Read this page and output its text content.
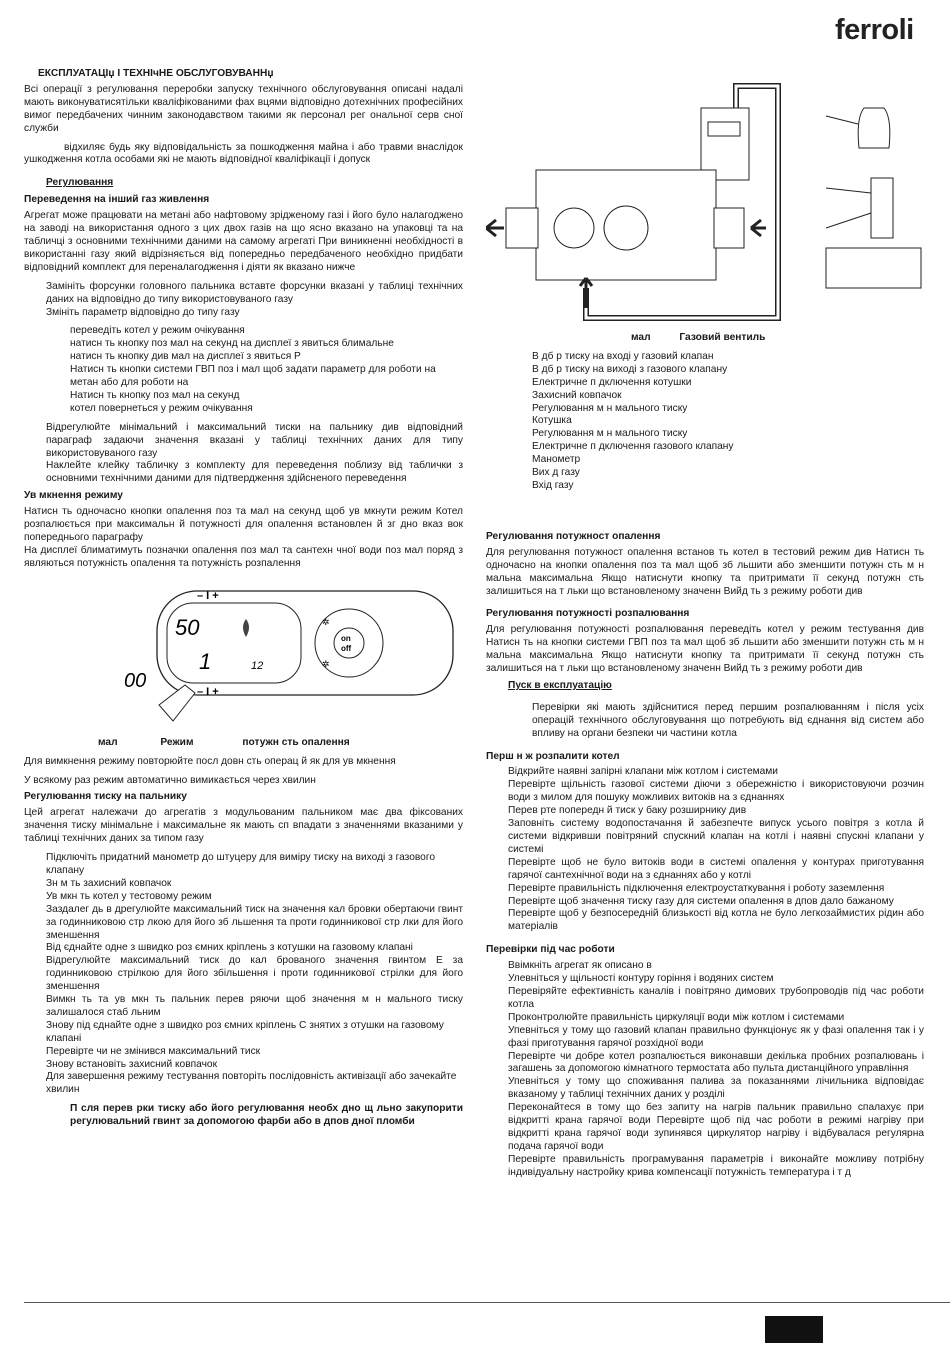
ferroli

ЕКСПЛУАТАЦІџ І ТЕХНІчНЕ ОБСЛУГОВУВАННџ

Всі операції з регулювання переробки запуску технічного обслуговування описані надалі мають виконуватисятільки кваліфікованими фах вцями відповідно дотехнічних професійних вимог передбачених чинним законодавством такими як персонал рег ональної серв сної служби

відхиляє будь яку відповідальність за пошкодження майна і або травми внаслідок ушкодження котла особами які не мають відповідної кваліфікації і допуск

Регулювання

Переведення на інший газ живлення

Агрегат може працювати на метані або нафтовому зрідженому газі і його було налагоджено на заводі на використання одного з цих двох газів на що ясно вказано на упаковці та на табличці з основними технічними даними на самому агрегаті При виникненні необхідності в використанні газу який відрізняється від попередньо передбаченого необхідно придбати відповідний комплект для переналагодження і діяти як вказано нижче

Замініть форсунки головного пальника вставте форсунки вказані у таблиці технічних даних на відповідно до типу використовуваного газу

Змініть параметр відповідно до типу газу

переведіть котел у режим очікування

натисн ть кнопку поз мал на секунд на дисплеї з явиться блимальне

натисн ть кнопку див мал на дисплеї з явиться Р

Натисн ть кнопки системи ГВП поз і мал щоб задати параметр для роботи на метан або для роботи на

Натисн ть кнопку поз мал на секунд

котел повернеться у режим очікування

Відрегулюйте мінімальний і максимальний тиски на пальнику див відповідний параграф задаючи значення вказані у таблиці технічних даних для типу використовуваного газу

Наклейте клейку табличку з комплекту для переведення поблизу від таблички з основними технічними даними для підтвердження здійсненого переведення

Ув мкнення режиму

Натисн ть одночасно кнопки опалення поз та мал на секунд щоб ув мкнути режим Котел розпалюється при максимальн й потужності для опалення встановлен й зг дно вказ вок попереднього параграфу

На дисплеї блиматимуть позначки опалення поз мал та сантехн чної води поз мал поряд з являються потужність опалення та потужність розпалення

– I +
– I +
50
1	12
on
off
✲
✲
00

мал	Режим	потужн сть опалення

Для вимкнення режиму повторюйте посл довн сть операц й як для ув мкнення

У всякому раз режим автоматично вимикається через хвилин

Регулювання тиску на пальнику

Цей агрегат належачи до агрегатів з модульованим пальником має два фіксованих значення тиску мінімальне і максимальне як мають сп впадати з значеннями вказаними у таблиці технічних даних за типом газу

Підключіть придатний манометр до штуцеру для виміру тиску на виході з газового клапану

Зн м ть захисний ковпачок

Ув мкн ть котел у тестовому режим

Заздалег дь в дрегулюйте максимальний тиск на значення кал бровки обертаючи гвинт за годинниковою стр лкою для його зб льшення та проти годинникової стр лки для його зменшення

Від єднайте одне з швидко роз ємних кріплень з котушки на газовому клапані

Відрегулюйте максимальний тиск до кал брованого значення гвинтом Е за годинниковою стрілкою для його збільшення і проти годинникової стрілки для його зменшення

Вимкн ть та ув мкн ть пальник перев ряючи щоб значення м н мального тиску залишалося стаб льним

Знову під єднайте одне з швидко роз ємних кріплень С знятих з отушки на газовому клапані

Перевірте чи не змінився максимальний тиск

Знову встановіть захисний ковпачок

Для завершення режиму тестування повторіть послідовність активізації або зачекайте хвилин

П сля перев рки тиску або його регулювання необх дно щ льно закупорити регулювальний гвинт за допомогою фарби або в дпов дної пломби

мал	Газовий вентиль

В дб р тиску на вході у газовий клапан

В дб р тиску на виході з газового клапану

Електричне п дключення котушки

Захисний ковпачок

Регулювання м н мального тиску

Котушка

Регулювання м н мального тиску

Електричне п дключення газового клапану

Манометр

Вих д газу

Вхід газу

Регулювання потужност опалення

Для регулювання потужност опалення встанов ть котел в тестовий режим див Натисн ть одночасно на кнопки опалення поз та мал щоб зб льшити або зменшити потужн сть м н мальна максимальна Якщо натиснути кнопку та притримати її секунд потужн сть залишиться на т льки що встановленому значенн Вийд ть з режиму роботи див

Регулювання потужності розпалювання

Для регулювання потужності розпалювання переведіть котел у режим тестування див Натисн ть на кнопки системи ГВП поз та мал щоб зб льшити або зменшити потужн сть м н мальна максимальна Якщо натиснути кнопку та притримати її секунд потужн сть залишиться на т льки що встановленому значенн Вийд ть з режиму роботи див

Пуск в експлуатацію

Перевірки які мають здійснитися перед першим розпалюванням і після усіх операцій технічного обслуговування що потребують від єднання від систем або впливу на органи безпеки чи частини котла

Перш н ж розпалити котел

Відкрийте наявні запірні клапани між котлом і системами

Перевірте щільність газової системи діючи з обережністю і використовуючи розчин води з милом для пошуку можливих витоків на з єднаннях

Перев рте попередн й тиск у баку розширнику див

Заповніть систему водопостачання й забезпечте випуск усього повітря з котла й системи відкривши повітряний спускний клапан на котлі і наявні спускні клапани у системі

Перевірте щоб не було витоків води в системі опалення у контурах приготування гарячої сантехнічної води на з єднаннях або у котлі

Перевірте правильність підключення електроустаткування і роботу заземлення

Перевірте щоб значення тиску газу для системи опалення в дпов дало бажаному

Перевірте щоб у безпосередній близькості від котла не було легкозаймистих рідин або матеріалів

Перевірки під час роботи

Ввімкніть агрегат як описано в

Улевніться у щільності контуру горіння і водяних систем

Перевіряйте ефективність каналів і повітряно димових трубопроводів під час роботи котла

Проконтролюйте правильність циркуляції води між котлом і системами

Упевніться у тому що газовий клапан правильно функціонує як у фазі опалення так і у фазі приготування гарячої розхідної води

Перевірте чи добре котел розпалюється виконавши декілька пробних розпалювань і загашень за допомогою кімнатного термостата або пульта дистанційного управління

Упевніться у тому що споживання палива за показаннями лічильника відповідає вказаному у таблиці технічних даних у розділі

Переконайтеся в тому що без запиту на нагрів пальник правильно спалахує при відкритті крана гарячої води Перевірте щоб під час роботи в режимі нагріву при відкритті крана гарячої води зупинявся циркулятор нагріву і відбувалася регулярна подача гарячої води

Перевірте правильність програмування параметрів і виконайте можливу потрібну індивідуальну настройку крива компенсації потужність температура і т д
